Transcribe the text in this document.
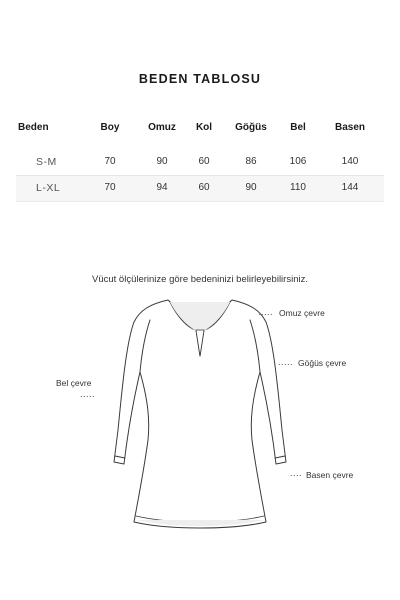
BEDEN TABLOSU
Beden	Boy	Omuz	Kol	Göğüs	Bel	Basen
S-M	70	90	60	86	106	140
L-XL	70	94	60	90	110	144
Vücut ölçülerinize göre bedeninizi belirleyebilirsiniz.
..... Omuz çevre
..... Göğüs çevre
Bel çevre
.....
.... Basen çevre
